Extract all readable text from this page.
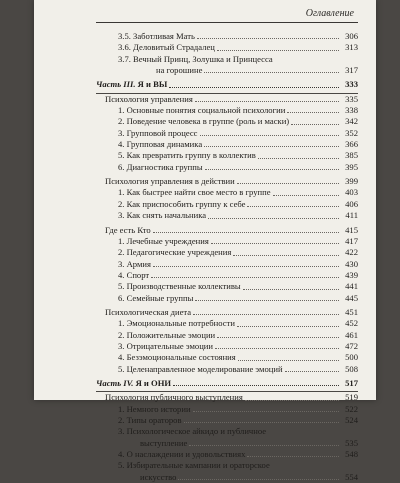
Оглавление
3.5. Заботливая Мать	306
3.6. Деловитый Страдалец	313
3.7. Вечный Принц, Золушка и Принцесса
на горошине	317
Часть III. Я и ВЫ	333
Психология управления	335
1. Основные понятия социальной психологии	338
2. Поведение человека в группе (роль и маски)	342
3. Групповой процесс	352
4. Групповая динамика	366
5. Как превратить группу в коллектив	385
6. Диагностика группы	395
Психология управления в действии	399
1. Как быстрее найти свое место в группе	403
2. Как приспособить группу к себе	406
3. Как снять начальника	411
Где есть Кто	415
1. Лечебные учреждения	417
2. Педагогические учреждения	422
3. Армия	430
4. Спорт	439
5. Производственные коллективы	441
6. Семейные группы	445
Психологическая диета	451
1. Эмоциональные потребности	452
2. Положительные эмоции	461
3. Отрицательные эмоции	472
4. Безэмоциональные состояния	500
5. Целенаправленное моделирование эмоций	508
Часть IV. Я и ОНИ	517
Психология публичного выступления	519
1. Немного истории	522
2. Типы ораторов	524
3. Психологическое айкидо и публичное
выступление	535
4. О наслаждении и удовольствиях	548
5. Избирательные кампании и ораторское
искусство	554
